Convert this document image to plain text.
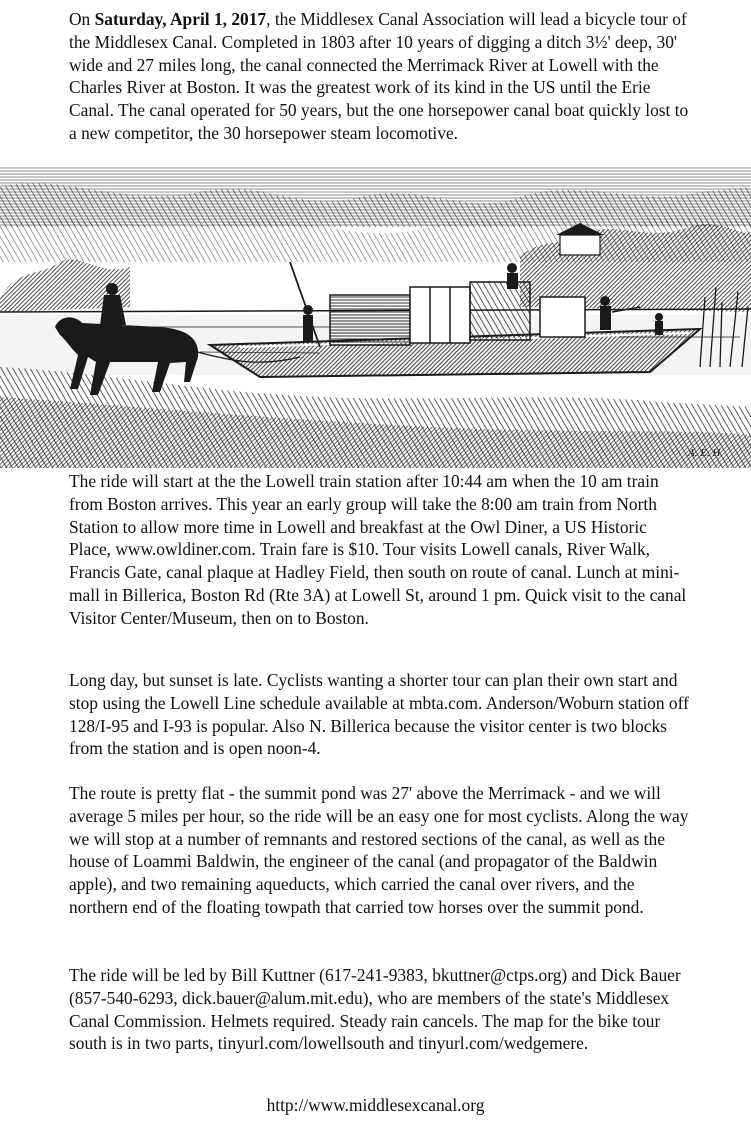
On Saturday, April 1, 2017, the Middlesex Canal Association will lead a bicycle tour of the Middlesex Canal. Completed in 1803 after 10 years of digging a ditch 3½' deep, 30' wide and 27 miles long, the canal connected the Merrimack River at Lowell with the Charles River at Boston. It was the greatest work of its kind in the US until the Erie Canal. The canal operated for 50 years, but the one horsepower canal boat quickly lost to a new competitor, the 30 horsepower steam locomotive.

A. E. H.

The ride will start at the the Lowell train station after 10:44 am when the 10 am train from Boston arrives. This year an early group will take the 8:00 am train from North Station to allow more time in Lowell and breakfast at the Owl Diner, a US Historic Place, www.owldiner.com. Train fare is $10. Tour visits Lowell canals, River Walk, Francis Gate, canal plaque at Hadley Field, then south on route of canal. Lunch at mini-mall in Billerica, Boston Rd (Rte 3A) at Lowell St, around 1 pm. Quick visit to the canal Visitor Center/Museum, then on to Boston.

Long day, but sunset is late. Cyclists wanting a shorter tour can plan their own start and stop using the Lowell Line schedule available at mbta.com. Anderson/Woburn station off 128/I-95 and I-93 is popular. Also N. Billerica because the visitor center is two blocks from the station and is open noon-4.

The route is pretty flat - the summit pond was 27' above the Merrimack - and we will average 5 miles per hour, so the ride will be an easy one for most cyclists. Along the way we will stop at a number of remnants and restored sections of the canal, as well as the house of Loammi Baldwin, the engineer of the canal (and propagator of the Baldwin apple), and two remaining aqueducts, which carried the canal over rivers, and the northern end of the floating towpath that carried tow horses over the summit pond.

The ride will be led by Bill Kuttner (617-241-9383, bkuttner@ctps.org) and Dick Bauer (857-540-6293, dick.bauer@alum.mit.edu), who are members of the state's Middlesex Canal Commission. Helmets required. Steady rain cancels. The map for the bike tour south is in two parts, tinyurl.com/lowellsouth and tinyurl.com/wedgemere.

http://www.middlesexcanal.org
